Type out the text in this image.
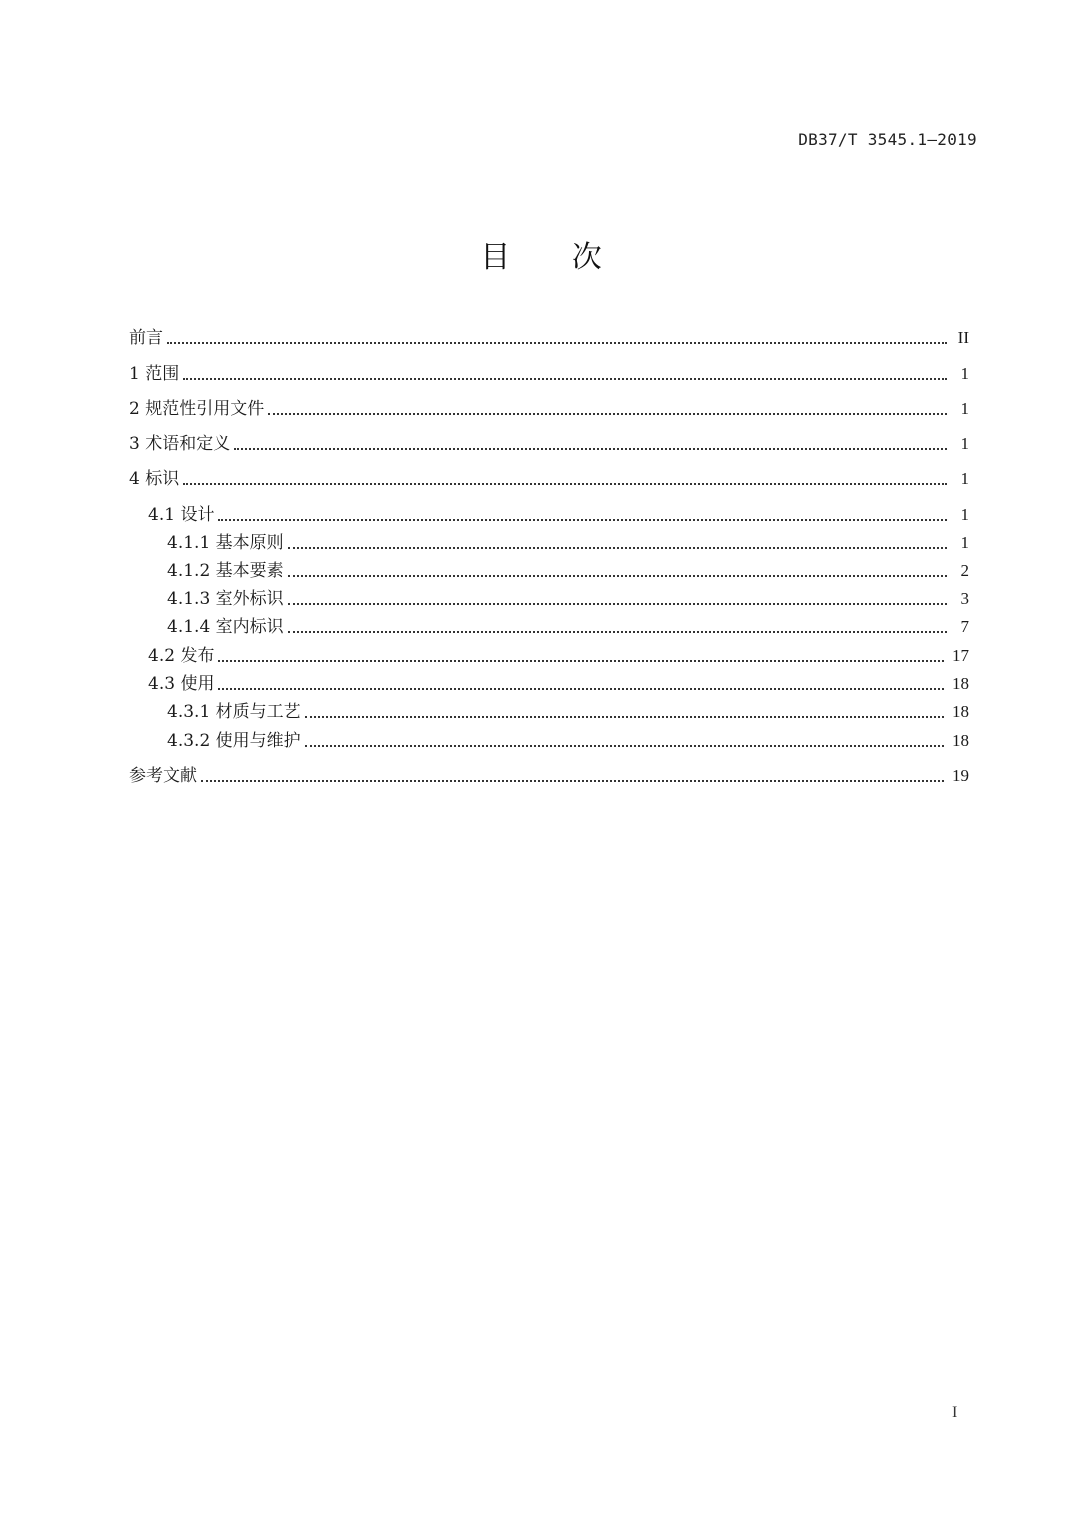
DB37/T 3545.1—2019
目 次
前言	II
1 范围	1
2 规范性引用文件	1
3 术语和定义	1
4 标识	1
4.1 设计	1
4.1.1 基本原则	1
4.1.2 基本要素	2
4.1.3 室外标识	3
4.1.4 室内标识	7
4.2 发布	17
4.3 使用	18
4.3.1 材质与工艺	18
4.3.2 使用与维护	18
参考文献	19
I
